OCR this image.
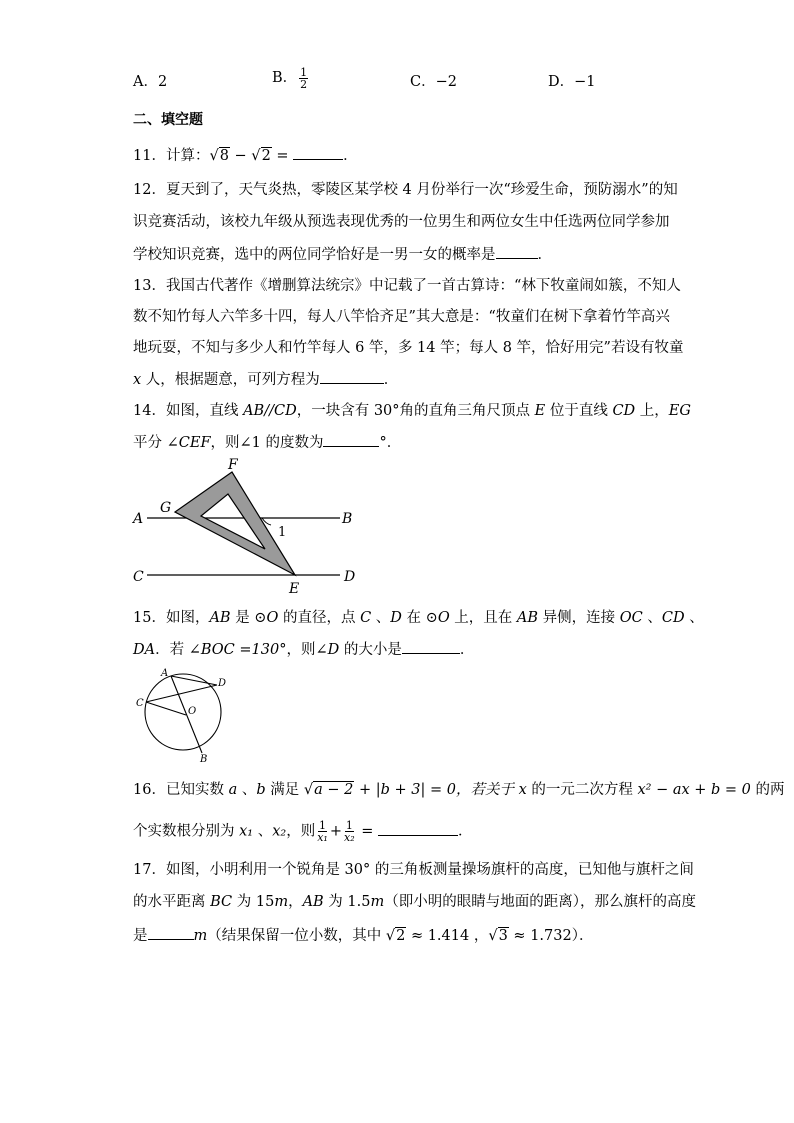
A．2	B． $\frac{1}{2}$	C．−2	D．−1
二、填空题
11．计算：√8 − √2 =	．
12．夏天到了，天气炎热，零陵区某学校 4 月份举行一次“珍爱生命，预防溺水”的知
识竞赛活动，该校九年级从预选表现优秀的一位男生和两位女生中任选两位同学参加
学校知识竞赛，选中的两位同学恰好是一男一女的概率是	．
13．我国古代著作《增删算法统宗》中记载了一首古算诗：“林下牧童闹如簇，不知人
数不知竹每人六竿多十四，每人八竿恰齐足”其大意是：“牧童们在树下拿着竹竿高兴
地玩耍，不知与多少人和竹竿每人 6 竿，多 14 竿；每人 8 竿，恰好用完”若设有牧童
x 人，根据题意，可列方程为	．
14．如图，直线 AB//CD，一块含有 30°角的直角三角尺顶点 E 位于直线 CD 上，EG
平分 ∠CEF，则∠1 的度数为	°．
F
G
A	B
1
C	D
E
15．如图，AB 是 ⊙O 的直径，点 C 、D 在 ⊙O 上，且在 AB 异侧，连接 OC 、CD 、
DA．若 ∠BOC =130°，则∠D 的大小是	．
A
D
C
O
B
16．已知实数 a 、b 满足 √a − 2 + |b + 3| = 0，若关于 x 的一元二次方程 x² − ax + b = 0 的两
个实数根分别为 x₁ 、x₂，则 $\frac{1}{\text{x₁}} + \frac{1}{\text{x₂}}$ =	．
17．如图，小明利用一个锐角是 30° 的三角板测量操场旗杆的高度，已知他与旗杆之间
的水平距离 BC 为 15m，AB 为 1.5m（即小明的眼睛与地面的距离），那么旗杆的高度
是	m（结果保留一位小数，其中 √2 ≈ 1.414 ，√3 ≈ 1.732）．
